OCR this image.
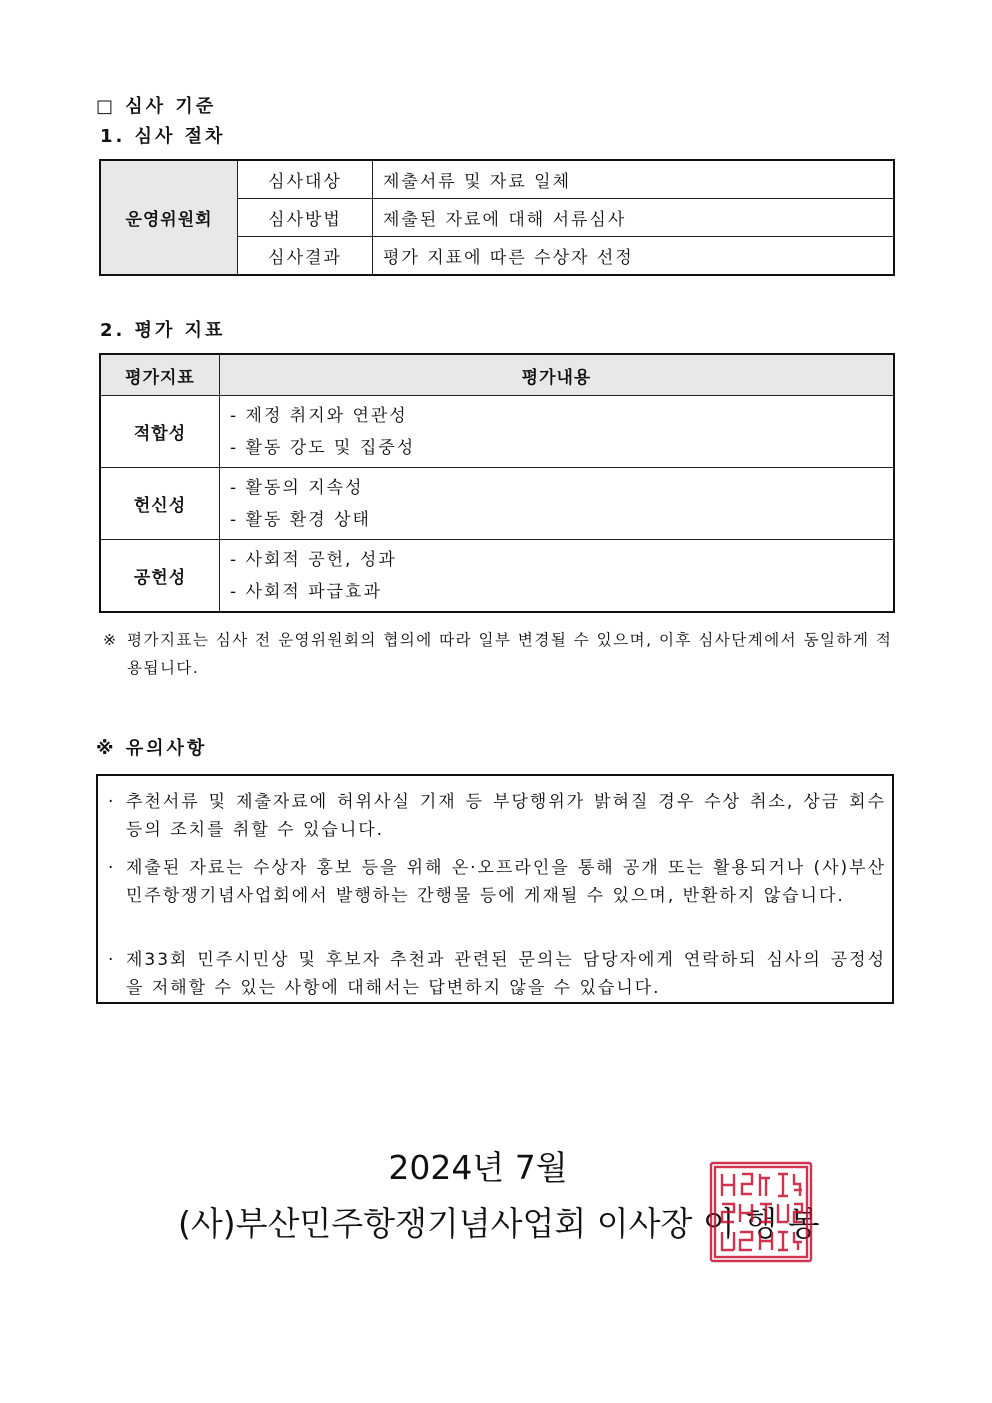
□ 심사 기준
1. 심사 절차
운영위원회	심사대상	제출서류 및 자료 일체
	심사방법	제출된 자료에 대해 서류심사
	심사결과	평가 지표에 따른 수상자 선정
2. 평가 지표
평가지표	평가내용
적합성	- 제정 취지와 연관성
- 활동 강도 및 집중성

헌신성	- 활동의 지속성
- 활동 환경 상태

공헌성	- 사회적 공헌, 성과
- 사회적 파급효과
※ 평가지표는 심사 전 운영위원회의 협의에 따라 일부 변경될 수 있으며, 이후 심사단계에서 동일하게 적용됩니다.
※ 유의사항
· 추천서류 및 제출자료에 허위사실 기재 등 부당행위가 밝혀질 경우 수상 취소, 상금 회수 등의 조치를 취할 수 있습니다.
· 제출된 자료는 수상자 홍보 등을 위해 온·오프라인을 통해 공개 또는 활용되거나 (사)부산민주항쟁기념사업회에서 발행하는 간행물 등에 게재될 수 있으며, 반환하지 않습니다.
· 제33회 민주시민상 및 후보자 추천과 관련된 문의는 담당자에게 연락하되 심사의 공정성을 저해할 수 있는 사항에 대해서는 답변하지 않을 수 있습니다.
2024년 7월
(사)부산민주항쟁기념사업회 이사장 이 행 봉
